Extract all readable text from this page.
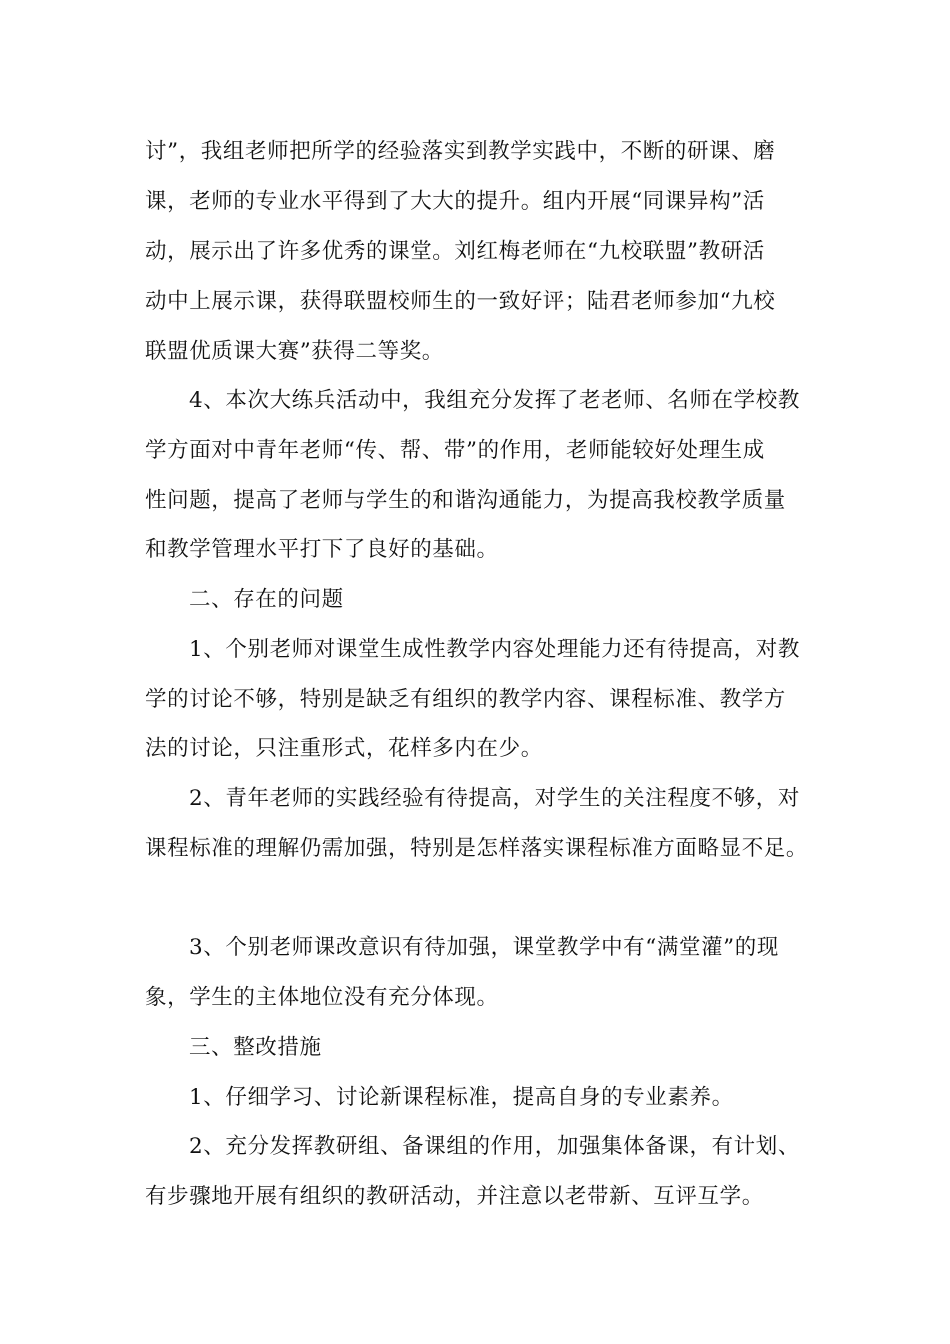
讨”，我组老师把所学的经验落实到教学实践中，不断的研课、磨
课，老师的专业水平得到了大大的提升。组内开展“同课异构”活
动，展示出了许多优秀的课堂。刘红梅老师在“九校联盟”教研活
动中上展示课，获得联盟校师生的一致好评；陆君老师参加“九校
联盟优质课大赛”获得二等奖。
4、本次大练兵活动中，我组充分发挥了老老师、名师在学校教
学方面对中青年老师“传、帮、带”的作用，老师能较好处理生成
性问题，提高了老师与学生的和谐沟通能力，为提高我校教学质量
和教学管理水平打下了良好的基础。
二、存在的问题
1、个别老师对课堂生成性教学内容处理能力还有待提高，对教
学的讨论不够，特别是缺乏有组织的教学内容、课程标准、教学方
法的讨论，只注重形式，花样多内在少。
2、青年老师的实践经验有待提高，对学生的关注程度不够，对
课程标准的理解仍需加强，特别是怎样落实课程标准方面略显不足。
3、个别老师课改意识有待加强，课堂教学中有“满堂灌”的现
象，学生的主体地位没有充分体现。
三、整改措施
1、仔细学习、讨论新课程标准，提高自身的专业素养。
2、充分发挥教研组、备课组的作用，加强集体备课，有计划、
有步骤地开展有组织的教研活动，并注意以老带新、互评互学。
